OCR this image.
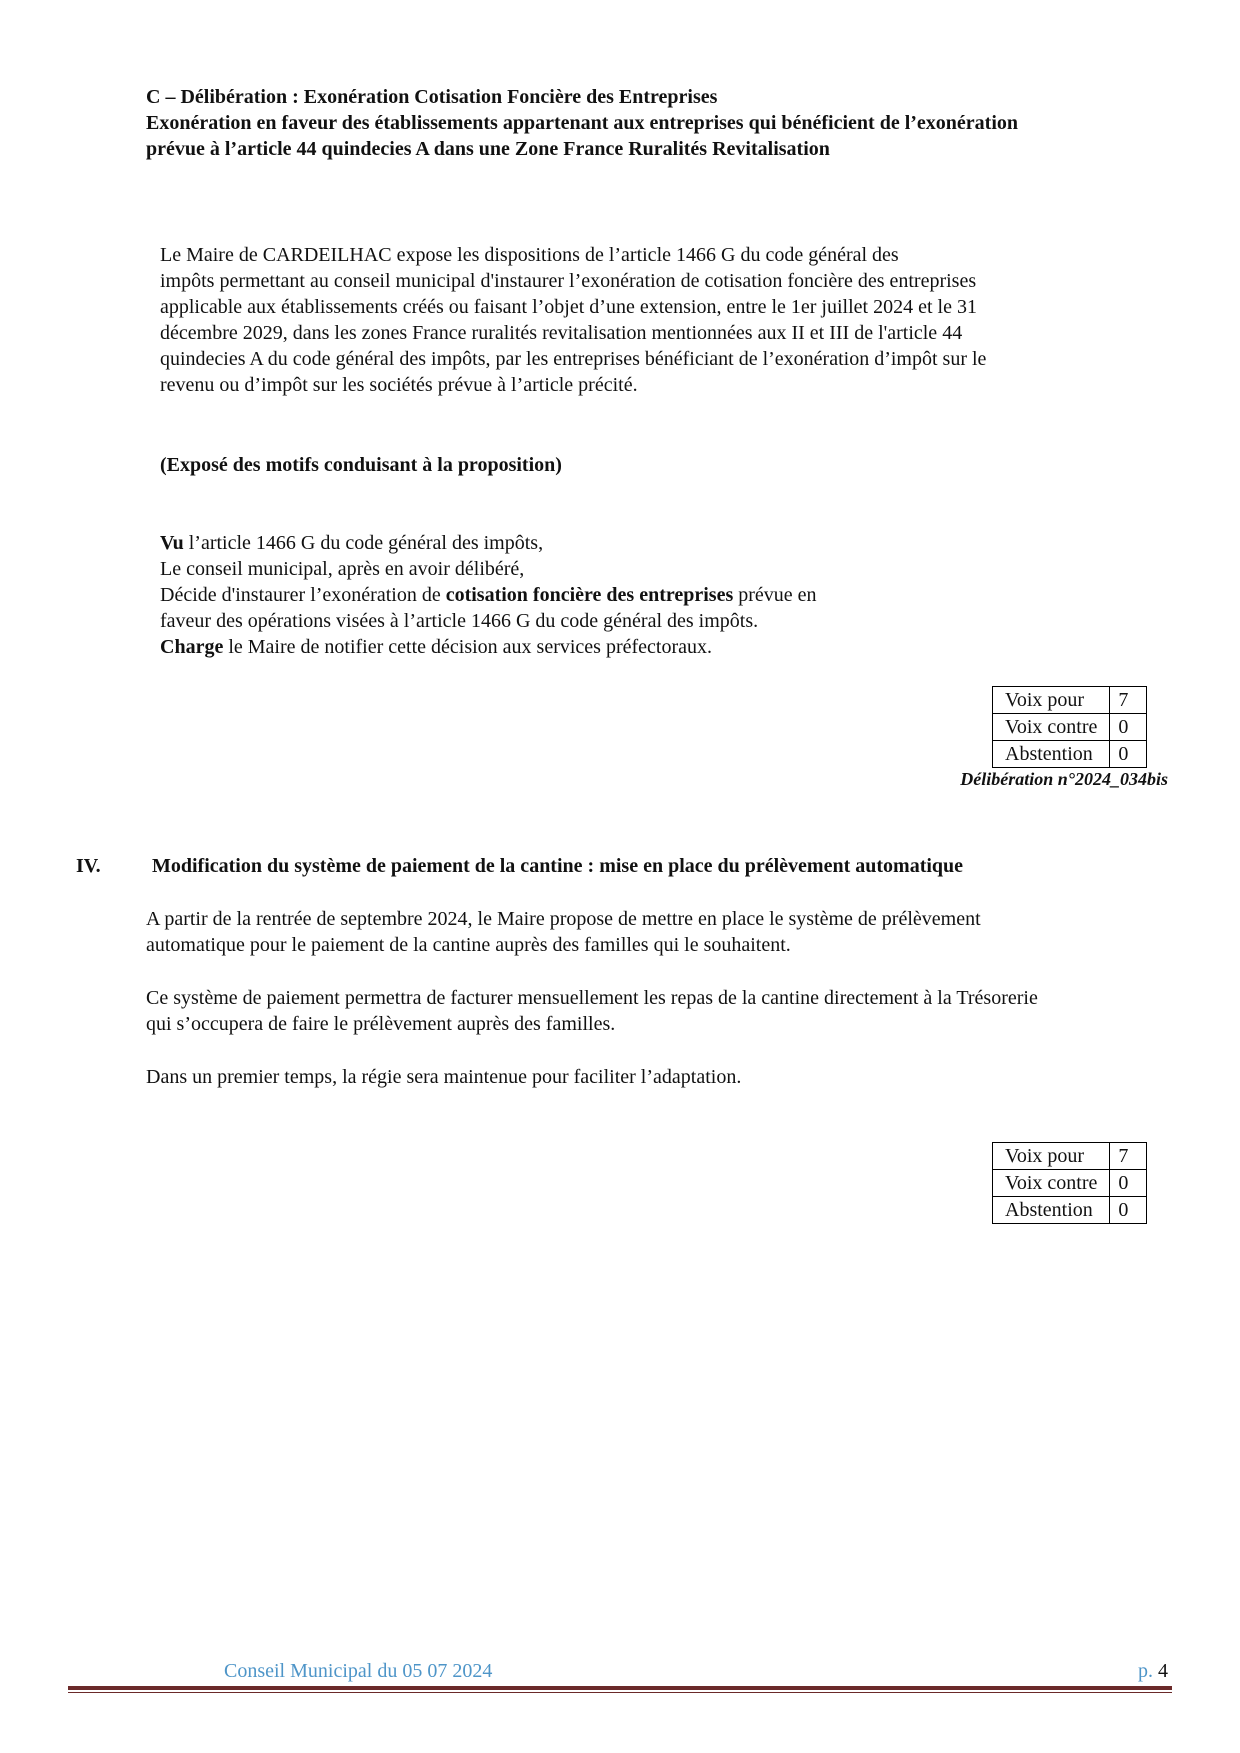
C – Délibération : Exonération Cotisation Foncière des Entreprises
Exonération en faveur des établissements appartenant aux entreprises qui bénéficient de l’exonération
prévue à l’article 44 quindecies A dans une Zone France Ruralités Revitalisation
Le Maire de CARDEILHAC expose les dispositions de l’article 1466 G du code général des
impôts permettant au conseil municipal d'instaurer l’exonération de cotisation foncière des entreprises
applicable aux établissements créés ou faisant l’objet d’une extension, entre le 1er juillet 2024 et le 31
décembre 2029, dans les zones France ruralités revitalisation mentionnées aux II et III de l'article 44
quindecies A du code général des impôts, par les entreprises bénéficiant de l’exonération d’impôt sur le
revenu ou d’impôt sur les sociétés prévue à l’article précité.
(Exposé des motifs conduisant à la proposition)
Vu l’article 1466 G du code général des impôts,
Le conseil municipal, après en avoir délibéré,
Décide d'instaurer l’exonération de cotisation foncière des entreprises prévue en
faveur des opérations visées à l’article 1466 G du code général des impôts.
Charge le Maire de notifier cette décision aux services préfectoraux.
Voix pour	7
Voix contre	0
Abstention	0
Délibération n°2024_034bis
IV.	Modification du système de paiement de la cantine : mise en place du prélèvement automatique
A partir de la rentrée de septembre 2024, le Maire propose de mettre en place le système de prélèvement
automatique pour le paiement de la cantine auprès des familles qui le souhaitent.
Ce système de paiement permettra de facturer mensuellement les repas de la cantine directement à la Trésorerie
qui s’occupera de faire le prélèvement auprès des familles.
Dans un premier temps, la régie sera maintenue pour faciliter l’adaptation.
Voix pour	7
Voix contre	0
Abstention	0
Conseil Municipal du 05 07 2024	p. 4
